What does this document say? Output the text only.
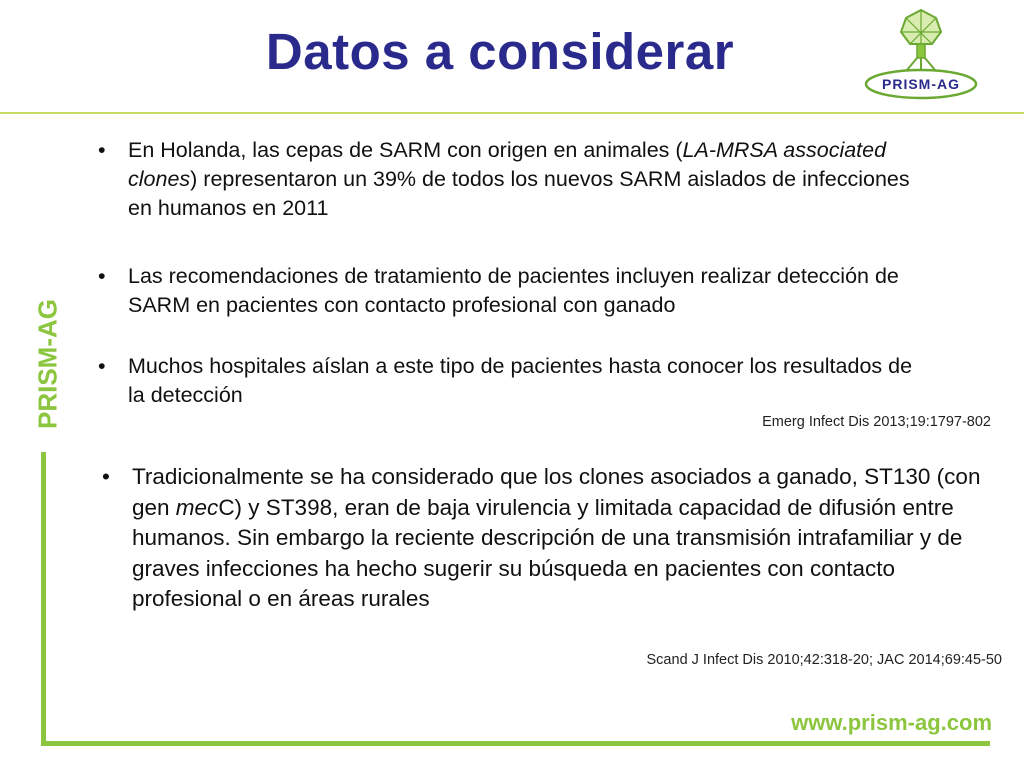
Datos a considerar
PRISM-AG
PRISM-AG
• En Holanda, las cepas de SARM con origen en animales (LA-MRSA associated clones) representaron un 39% de todos los nuevos SARM aislados de infecciones en humanos en 2011
• Las recomendaciones de tratamiento de pacientes incluyen realizar detección de SARM en pacientes con contacto profesional con ganado
• Muchos hospitales aíslan a este tipo de pacientes hasta conocer los resultados de la detección
Emerg Infect Dis 2013;19:1797-802
• Tradicionalmente se ha considerado que los clones asociados a ganado, ST130 (con gen mecC) y ST398, eran de baja virulencia y limitada capacidad de difusión entre humanos. Sin embargo la reciente descripción de una transmisión intrafamiliar y de graves infecciones ha hecho sugerir su búsqueda en pacientes con contacto profesional o en áreas rurales
Scand J Infect Dis 2010;42:318-20; JAC 2014;69:45-50
www.prism-ag.com
